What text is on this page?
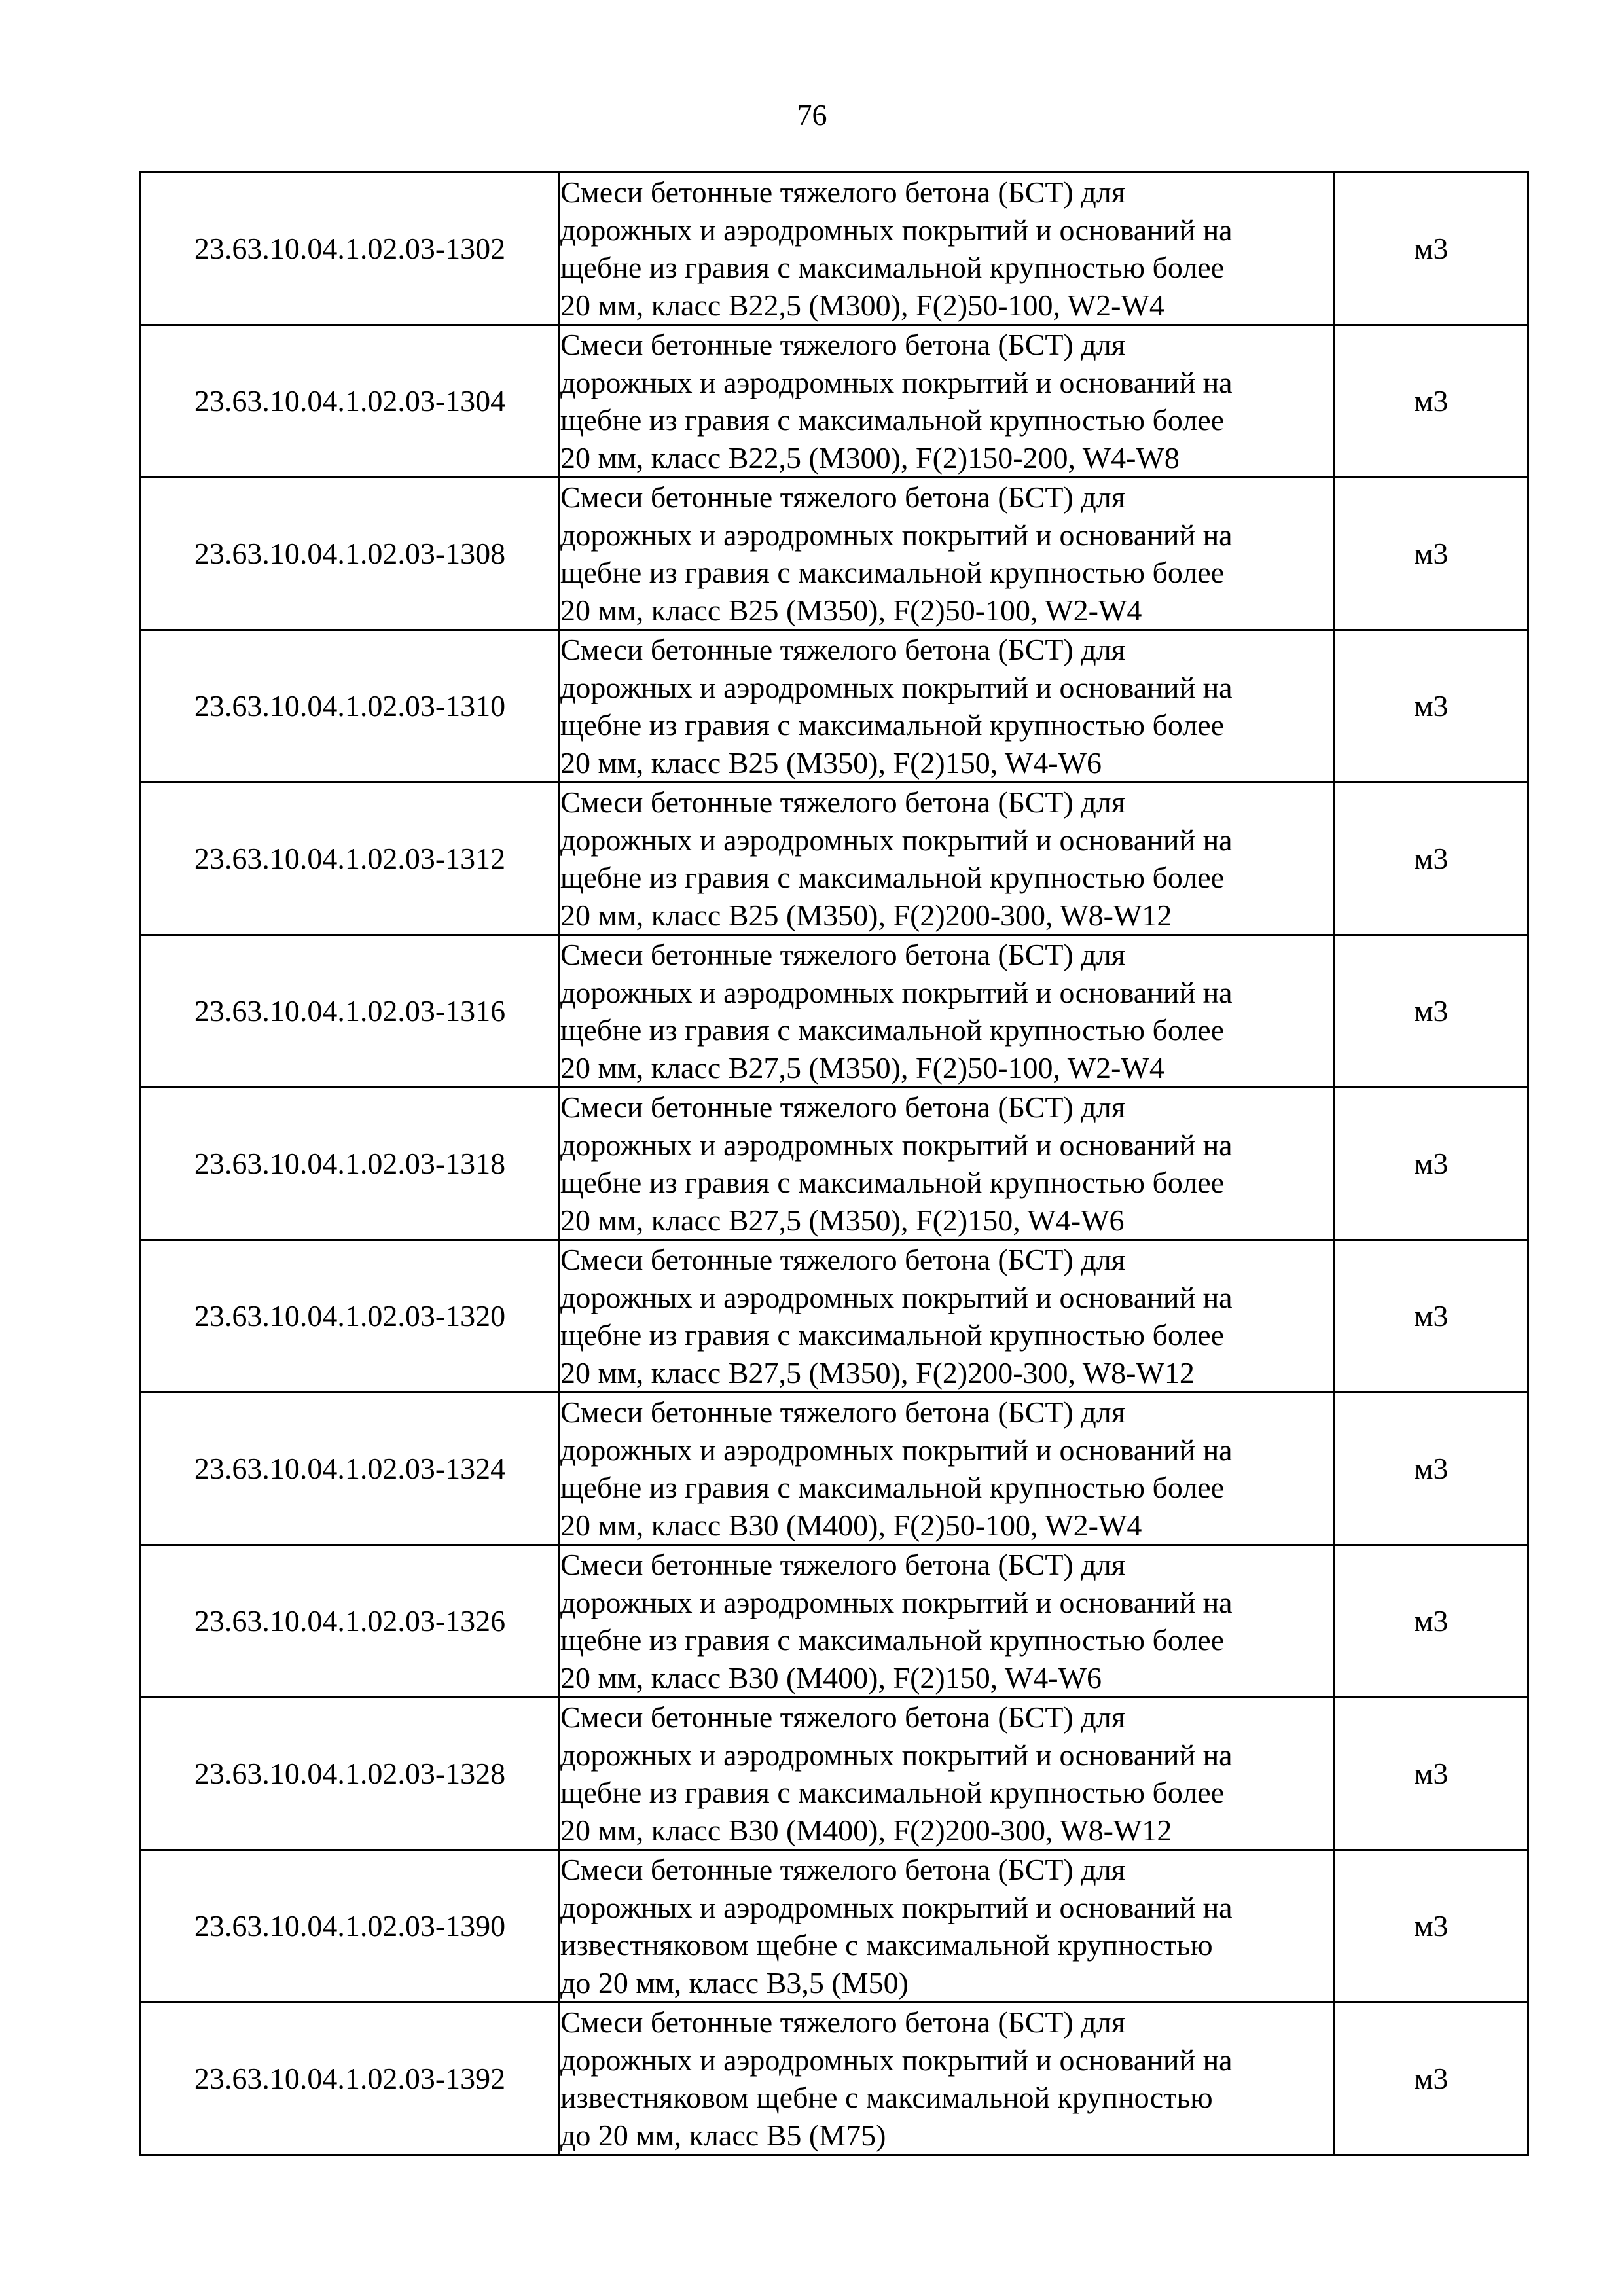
76
23.63.10.04.1.02.03-1302	Смеси бетонные тяжелого бетона (БСТ) для
дорожных и аэродромных покрытий и оснований на
щебне из гравия с максимальной крупностью более
20 мм, класс В22,5 (М300), F(2)50-100, W2-W4	м3
23.63.10.04.1.02.03-1304	Смеси бетонные тяжелого бетона (БСТ) для
дорожных и аэродромных покрытий и оснований на
щебне из гравия с максимальной крупностью более
20 мм, класс В22,5 (М300), F(2)150-200, W4-W8	м3
23.63.10.04.1.02.03-1308	Смеси бетонные тяжелого бетона (БСТ) для
дорожных и аэродромных покрытий и оснований на
щебне из гравия с максимальной крупностью более
20 мм, класс В25 (М350), F(2)50-100, W2-W4	м3
23.63.10.04.1.02.03-1310	Смеси бетонные тяжелого бетона (БСТ) для
дорожных и аэродромных покрытий и оснований на
щебне из гравия с максимальной крупностью более
20 мм, класс В25 (М350), F(2)150, W4-W6	м3
23.63.10.04.1.02.03-1312	Смеси бетонные тяжелого бетона (БСТ) для
дорожных и аэродромных покрытий и оснований на
щебне из гравия с максимальной крупностью более
20 мм, класс В25 (М350), F(2)200-300, W8-W12	м3
23.63.10.04.1.02.03-1316	Смеси бетонные тяжелого бетона (БСТ) для
дорожных и аэродромных покрытий и оснований на
щебне из гравия с максимальной крупностью более
20 мм, класс В27,5 (М350), F(2)50-100, W2-W4	м3
23.63.10.04.1.02.03-1318	Смеси бетонные тяжелого бетона (БСТ) для
дорожных и аэродромных покрытий и оснований на
щебне из гравия с максимальной крупностью более
20 мм, класс В27,5 (М350), F(2)150, W4-W6	м3
23.63.10.04.1.02.03-1320	Смеси бетонные тяжелого бетона (БСТ) для
дорожных и аэродромных покрытий и оснований на
щебне из гравия с максимальной крупностью более
20 мм, класс В27,5 (М350), F(2)200-300, W8-W12	м3
23.63.10.04.1.02.03-1324	Смеси бетонные тяжелого бетона (БСТ) для
дорожных и аэродромных покрытий и оснований на
щебне из гравия с максимальной крупностью более
20 мм, класс В30 (М400), F(2)50-100, W2-W4	м3
23.63.10.04.1.02.03-1326	Смеси бетонные тяжелого бетона (БСТ) для
дорожных и аэродромных покрытий и оснований на
щебне из гравия с максимальной крупностью более
20 мм, класс В30 (М400), F(2)150, W4-W6	м3
23.63.10.04.1.02.03-1328	Смеси бетонные тяжелого бетона (БСТ) для
дорожных и аэродромных покрытий и оснований на
щебне из гравия с максимальной крупностью более
20 мм, класс В30 (М400), F(2)200-300, W8-W12	м3
23.63.10.04.1.02.03-1390	Смеси бетонные тяжелого бетона (БСТ) для
дорожных и аэродромных покрытий и оснований на
известняковом щебне с максимальной крупностью
до 20 мм, класс В3,5 (М50)	м3
23.63.10.04.1.02.03-1392	Смеси бетонные тяжелого бетона (БСТ) для
дорожных и аэродромных покрытий и оснований на
известняковом щебне с максимальной крупностью
до 20 мм, класс В5 (М75)	м3
